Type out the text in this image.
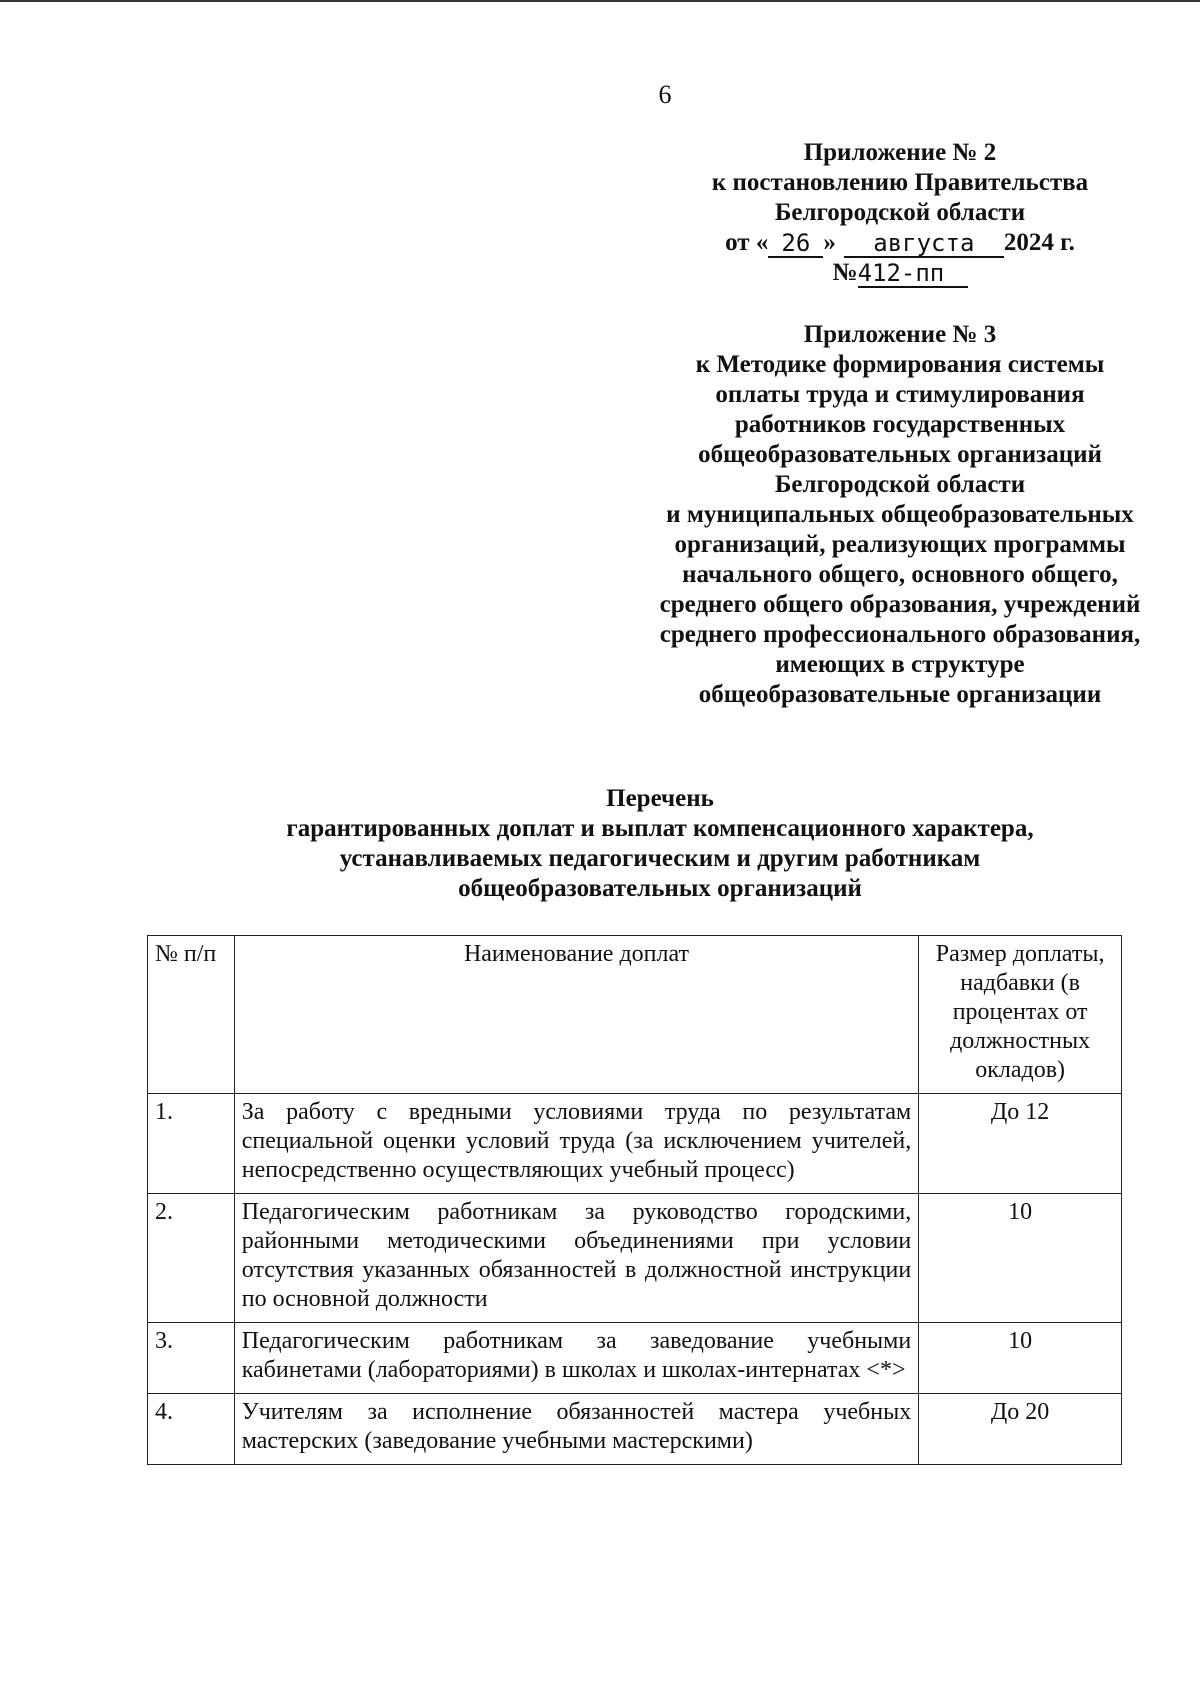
6
Приложение № 2
к постановлению Правительства
Белгородской области
от « 26 »	августа	2024 г.
№ 412-пп
Приложение № 3
к Методике формирования системы
оплаты труда и стимулирования
работников государственных
общеобразовательных организаций
Белгородской области
и муниципальных общеобразовательных
организаций, реализующих программы
начального общего, основного общего,
среднего общего образования, учреждений
среднего профессионального образования,
имеющих в структуре
общеобразовательные организации
Перечень
гарантированных доплат и выплат компенсационного характера,
устанавливаемых педагогическим и другим работникам
общеобразовательных организаций
№ п/п	Наименование доплат	Размер доплаты, надбавки (в процентах от должностных окладов)
1.	За работу с вредными условиями труда по результатам специальной оценки условий труда (за исключением учителей, непосредственно осуществляющих учебный процесс)	До 12
2.	Педагогическим работникам за руководство городскими, районными методическими объединениями при условии отсутствия указанных обязанностей в должностной инструкции по основной должности	10
3.	Педагогическим работникам за заведование учебными кабинетами (лабораториями) в школах и школах-интернатах <*>	10
4.	Учителям за исполнение обязанностей мастера учебных мастерских (заведование учебными мастерскими)	До 20
